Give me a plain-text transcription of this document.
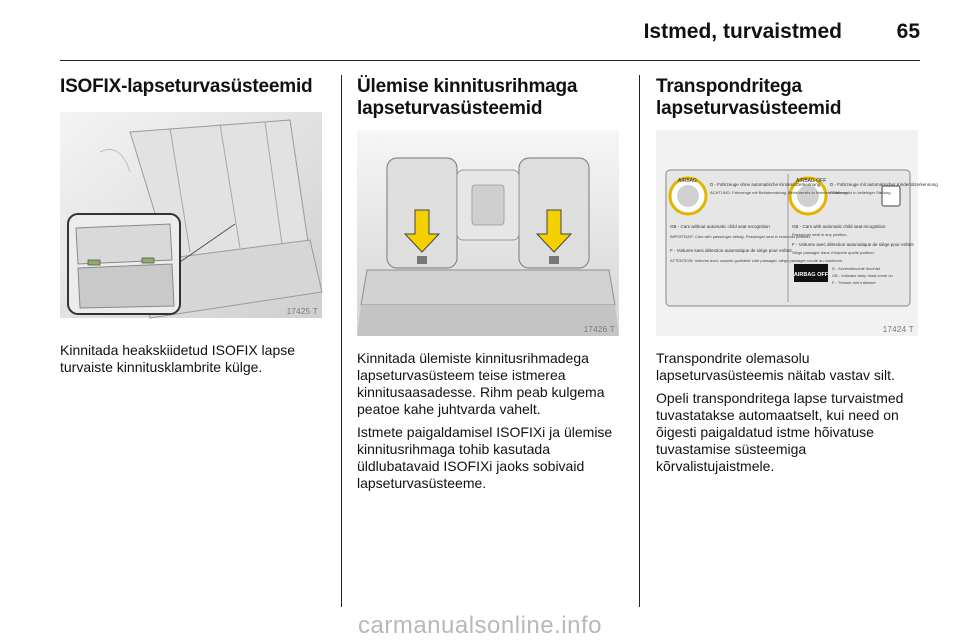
Istmed, turvaistmed	65
ISOFIX-lapseturvasüsteemid
17425 T

Kinnitada heakskiidetud ISOFIX lapse turvaiste kinnitusklambrite külge.

Ülemise kinnitusrihmaga lapseturvasüsteemid
17426 T

Kinnitada ülemiste kinnitusrihmadega lapseturvasüsteem teise istmerea kinnitusaasadesse. Rihm peab kulgema peatoe kahe juhtvarda vahelt.

Istmete paigaldamisel ISOFIXi ja ülemise kinnitusrihmaga tohib kasutada üldlubatavaid ISOFIXi jaoks sobivaid lapseturvasüsteeme.

Transpondritega lapseturvasüsteemid
AIRBAG	AIRBAG OFF
D - Fahrzeuge ohne automatische Kindersitzerkennung
ACHTUNG: Fahrzeuge mit Beifahrerairbag. Beifahrersitz in hinterste Stellung.
GB - Cars without automatic child seat recognition
IMPORTANT: Cars with passenger airbag. Passenger seat in rearmost position.
F - Voitures sans détection automatique de siège pour enfant
ATTENTION: Voitures avec coussin gonflable côté passager, siège passager reculé au maximum.
D - Fahrzeuge mit automatischer Kindersitzerkennung
Beifahrersitz in beliebiger Stellung.
GB - Cars with automatic child seat recognition
Passenger seat in any position.
F - Voitures avec détection automatique de siège pour enfant
Siège passager dans n'importe quelle position.
D - Kontrollleuchte leuchtet
GB - Indicator lamp must come on
F - Témoin doit s'allumer
AIRBAG OFF
17424 T

Transpondrite olemasolu lapseturvasüsteemis näitab vastav silt.

Opeli transpondritega lapse turvaistmed tuvastatakse automaatselt, kui need on õigesti paigaldatud istme hõivatuse tuvastamise süsteemiga kõrvalistujaistmele.

carmanualsonline.info
